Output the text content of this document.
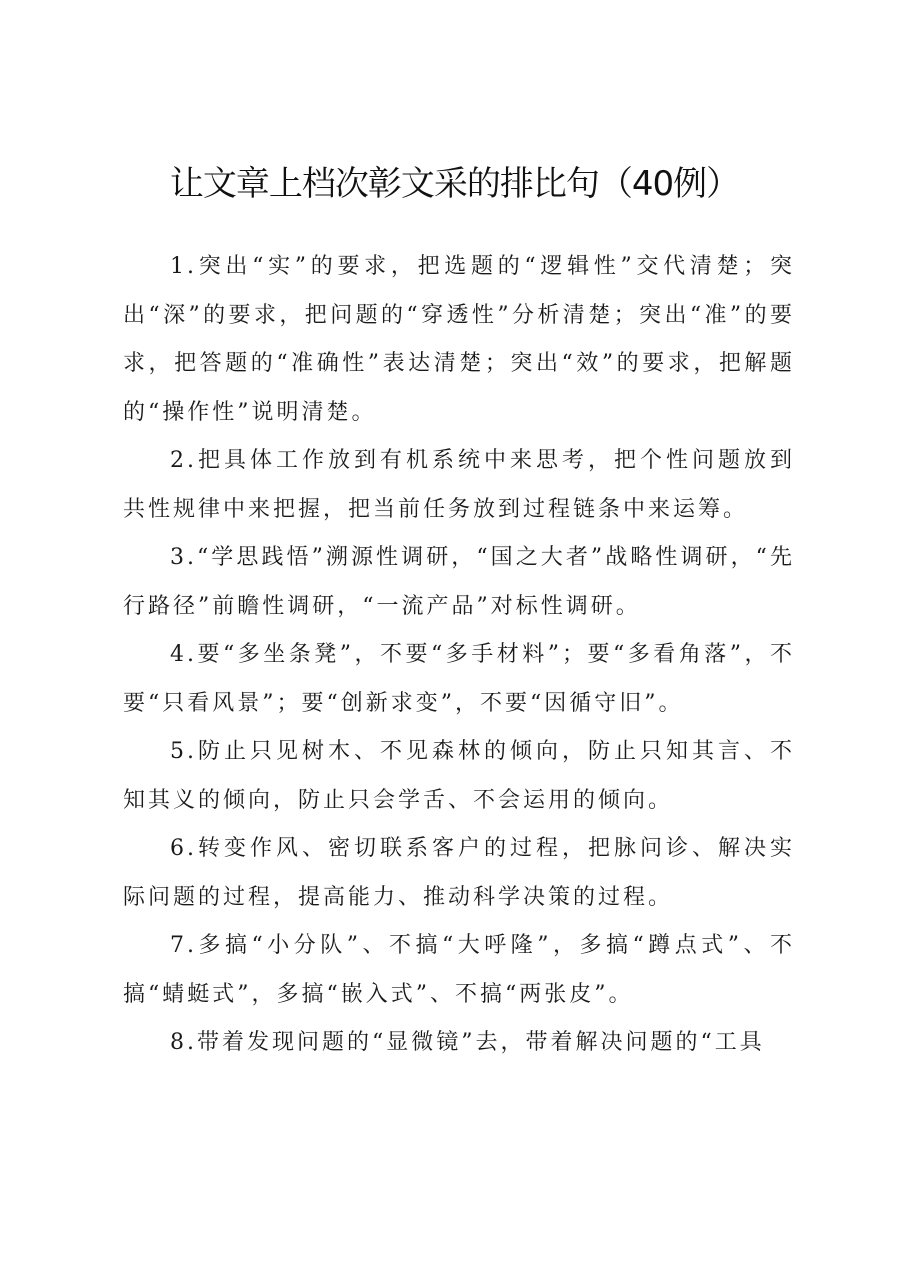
让文章上档次彰文采的排比句（40例）

1.突出“实”的要求，把选题的“逻辑性”交代清楚；突出“深”的要求，把问题的“穿透性”分析清楚；突出“准”的要求，把答题的“准确性”表达清楚；突出“效”的要求，把解题的“操作性”说明清楚。

2.把具体工作放到有机系统中来思考，把个性问题放到共性规律中来把握，把当前任务放到过程链条中来运筹。

3.“学思践悟”溯源性调研，“国之大者”战略性调研，“先行路径”前瞻性调研，“一流产品”对标性调研。

4.要“多坐条凳”，不要“多手材料”；要“多看角落”，不要“只看风景”；要“创新求变”，不要“因循守旧”。

5.防止只见树木、不见森林的倾向，防止只知其言、不知其义的倾向，防止只会学舌、不会运用的倾向。

6.转变作风、密切联系客户的过程，把脉问诊、解决实际问题的过程，提高能力、推动科学决策的过程。

7.多搞“小分队”、不搞“大呼隆”，多搞“蹲点式”、不搞“蜻蜓式”，多搞“嵌入式”、不搞“两张皮”。

8.带着发现问题的“显微镜”去，带着解决问题的“工具
